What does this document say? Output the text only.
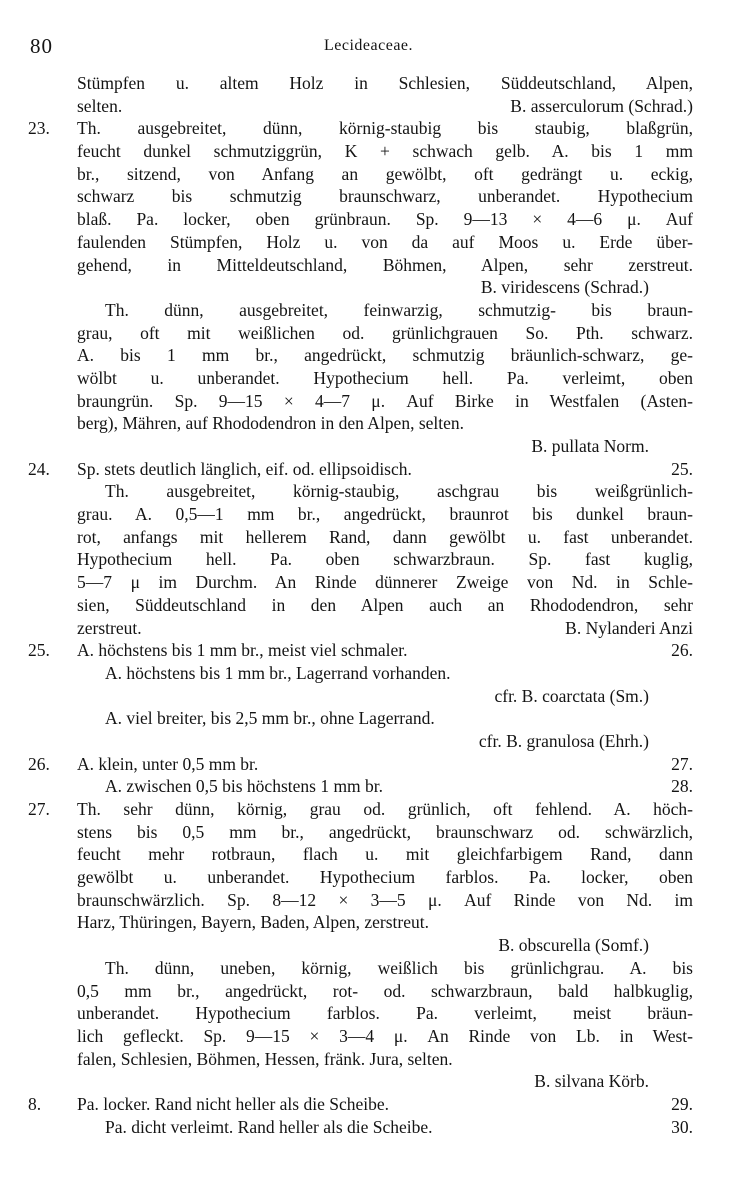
80	Lecideaceae.
Stümpfen u. altem Holz in Schlesien, Süddeutschland, Alpen,
selten.	B. asserculorum (Schrad.)
23. Th. ausgebreitet, dünn, körnig-staubig bis staubig, blaßgrün,
feucht dunkel schmutziggrün, K + schwach gelb. A. bis 1 mm
br., sitzend, von Anfang an gewölbt, oft gedrängt u. eckig,
schwarz bis schmutzig braunschwarz, unberandet. Hypothecium
blaß. Pa. locker, oben grünbraun. Sp. 9—13 × 4—6 μ. Auf
faulenden Stümpfen, Holz u. von da auf Moos u. Erde über-
gehend, in Mitteldeutschland, Böhmen, Alpen, sehr zerstreut.
B. viridescens (Schrad.)
Th. dünn, ausgebreitet, feinwarzig, schmutzig- bis braun-
grau, oft mit weißlichen od. grünlichgrauen So. Pth. schwarz.
A. bis 1 mm br., angedrückt, schmutzig bräunlich-schwarz, ge-
wölbt u. unberandet. Hypothecium hell. Pa. verleimt, oben
braungrün. Sp. 9—15 × 4—7 μ. Auf Birke in Westfalen (Asten-
berg), Mähren, auf Rhododendron in den Alpen, selten.
B. pullata Norm.
24. Sp. stets deutlich länglich, eif. od. ellipsoidisch.	25.
Th. ausgebreitet, körnig-staubig, aschgrau bis weißgrünlich-
grau. A. 0,5—1 mm br., angedrückt, braunrot bis dunkel braun-
rot, anfangs mit hellerem Rand, dann gewölbt u. fast unberandet.
Hypothecium hell. Pa. oben schwarzbraun. Sp. fast kuglig,
5—7 μ im Durchm. An Rinde dünnerer Zweige von Nd. in Schle-
sien, Süddeutschland in den Alpen auch an Rhododendron, sehr
zerstreut.	B. Nylanderi Anzi
25. A. höchstens bis 1 mm br., meist viel schmaler.	26.
A. höchstens bis 1 mm br., Lagerrand vorhanden.
cfr. B. coarctata (Sm.)
A. viel breiter, bis 2,5 mm br., ohne Lagerrand.
cfr. B. granulosa (Ehrh.)
26. A. klein, unter 0,5 mm br.	27.
A. zwischen 0,5 bis höchstens 1 mm br.	28.
27. Th. sehr dünn, körnig, grau od. grünlich, oft fehlend. A. höch-
stens bis 0,5 mm br., angedrückt, braunschwarz od. schwärzlich,
feucht mehr rotbraun, flach u. mit gleichfarbigem Rand, dann
gewölbt u. unberandet. Hypothecium farblos. Pa. locker, oben
braunschwärzlich. Sp. 8—12 × 3—5 μ. Auf Rinde von Nd. im
Harz, Thüringen, Bayern, Baden, Alpen, zerstreut.
B. obscurella (Somf.)
Th. dünn, uneben, körnig, weißlich bis grünlichgrau. A. bis
0,5 mm br., angedrückt, rot- od. schwarzbraun, bald halbkuglig,
unberandet. Hypothecium farblos. Pa. verleimt, meist bräun-
lich gefleckt. Sp. 9—15 × 3—4 μ. An Rinde von Lb. in West-
falen, Schlesien, Böhmen, Hessen, fränk. Jura, selten.
B. silvana Körb.
8. Pa. locker. Rand nicht heller als die Scheibe.	29.
Pa. dicht verleimt. Rand heller als die Scheibe.	30.
